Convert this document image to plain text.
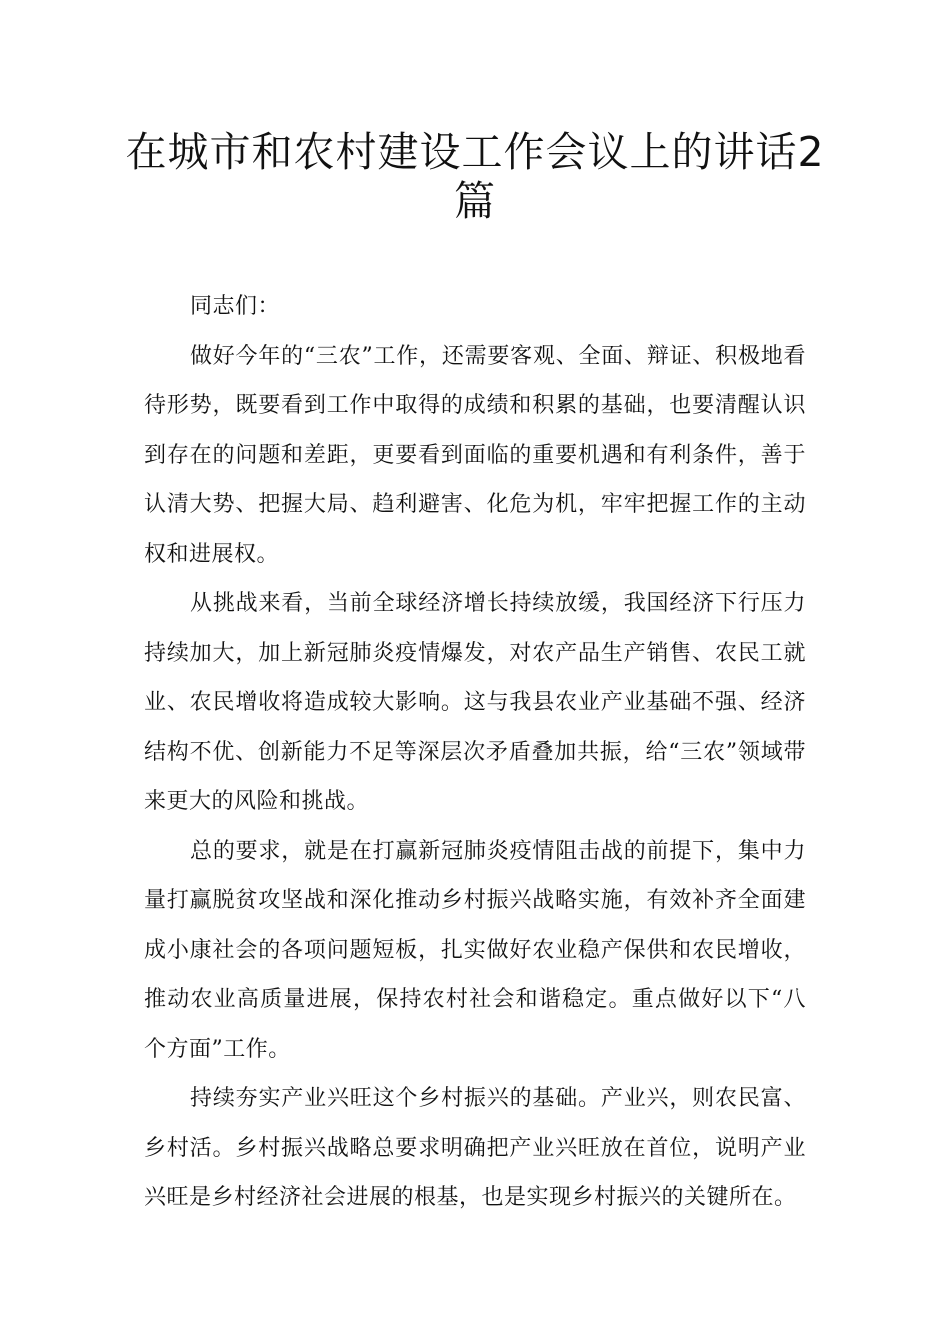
在城市和农村建设工作会议上的讲话2
篇

同志们：

做好今年的“三农”工作，还需要客观、全面、辩证、积极地看待形势，既要看到工作中取得的成绩和积累的基础，也要清醒认识到存在的问题和差距，更要看到面临的重要机遇和有利条件，善于认清大势、把握大局、趋利避害、化危为机，牢牢把握工作的主动权和进展权。

从挑战来看，当前全球经济增长持续放缓，我国经济下行压力持续加大，加上新冠肺炎疫情爆发，对农产品生产销售、农民工就业、农民增收将造成较大影响。这与我县农业产业基础不强、经济结构不优、创新能力不足等深层次矛盾叠加共振，给“三农”领域带来更大的风险和挑战。

总的要求，就是在打赢新冠肺炎疫情阻击战的前提下，集中力量打赢脱贫攻坚战和深化推动乡村振兴战略实施，有效补齐全面建成小康社会的各项问题短板，扎实做好农业稳产保供和农民增收，推动农业高质量进展，保持农村社会和谐稳定。重点做好以下“八个方面”工作。

持续夯实产业兴旺这个乡村振兴的基础。产业兴，则农民富、乡村活。乡村振兴战略总要求明确把产业兴旺放在首位，说明产业兴旺是乡村经济社会进展的根基，也是实现乡村振兴的关键所在。
